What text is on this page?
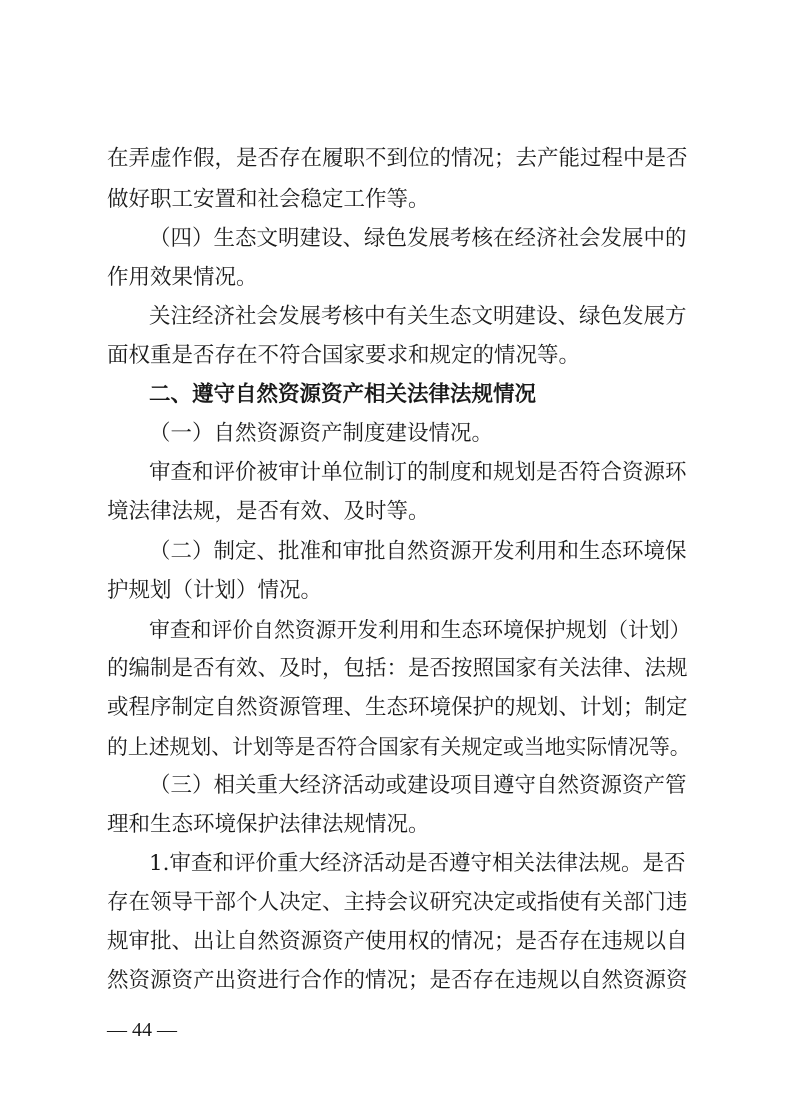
在弄虚作假，是否存在履职不到位的情况；去产能过程中是否
做好职工安置和社会稳定工作等。
（四）生态文明建设、绿色发展考核在经济社会发展中的
作用效果情况。
关注经济社会发展考核中有关生态文明建设、绿色发展方
面权重是否存在不符合国家要求和规定的情况等。
二、遵守自然资源资产相关法律法规情况
（一）自然资源资产制度建设情况。
审查和评价被审计单位制订的制度和规划是否符合资源环
境法律法规，是否有效、及时等。
（二）制定、批准和审批自然资源开发利用和生态环境保
护规划（计划）情况。
审查和评价自然资源开发利用和生态环境保护规划（计划）
的编制是否有效、及时，包括：是否按照国家有关法律、法规
或程序制定自然资源管理、生态环境保护的规划、计划；制定
的上述规划、计划等是否符合国家有关规定或当地实际情况等。
（三）相关重大经济活动或建设项目遵守自然资源资产管
理和生态环境保护法律法规情况。
1.审查和评价重大经济活动是否遵守相关法律法规。是否
存在领导干部个人决定、主持会议研究决定或指使有关部门违
规审批、出让自然资源资产使用权的情况；是否存在违规以自
然资源资产出资进行合作的情况；是否存在违规以自然资源资
— 44 —
